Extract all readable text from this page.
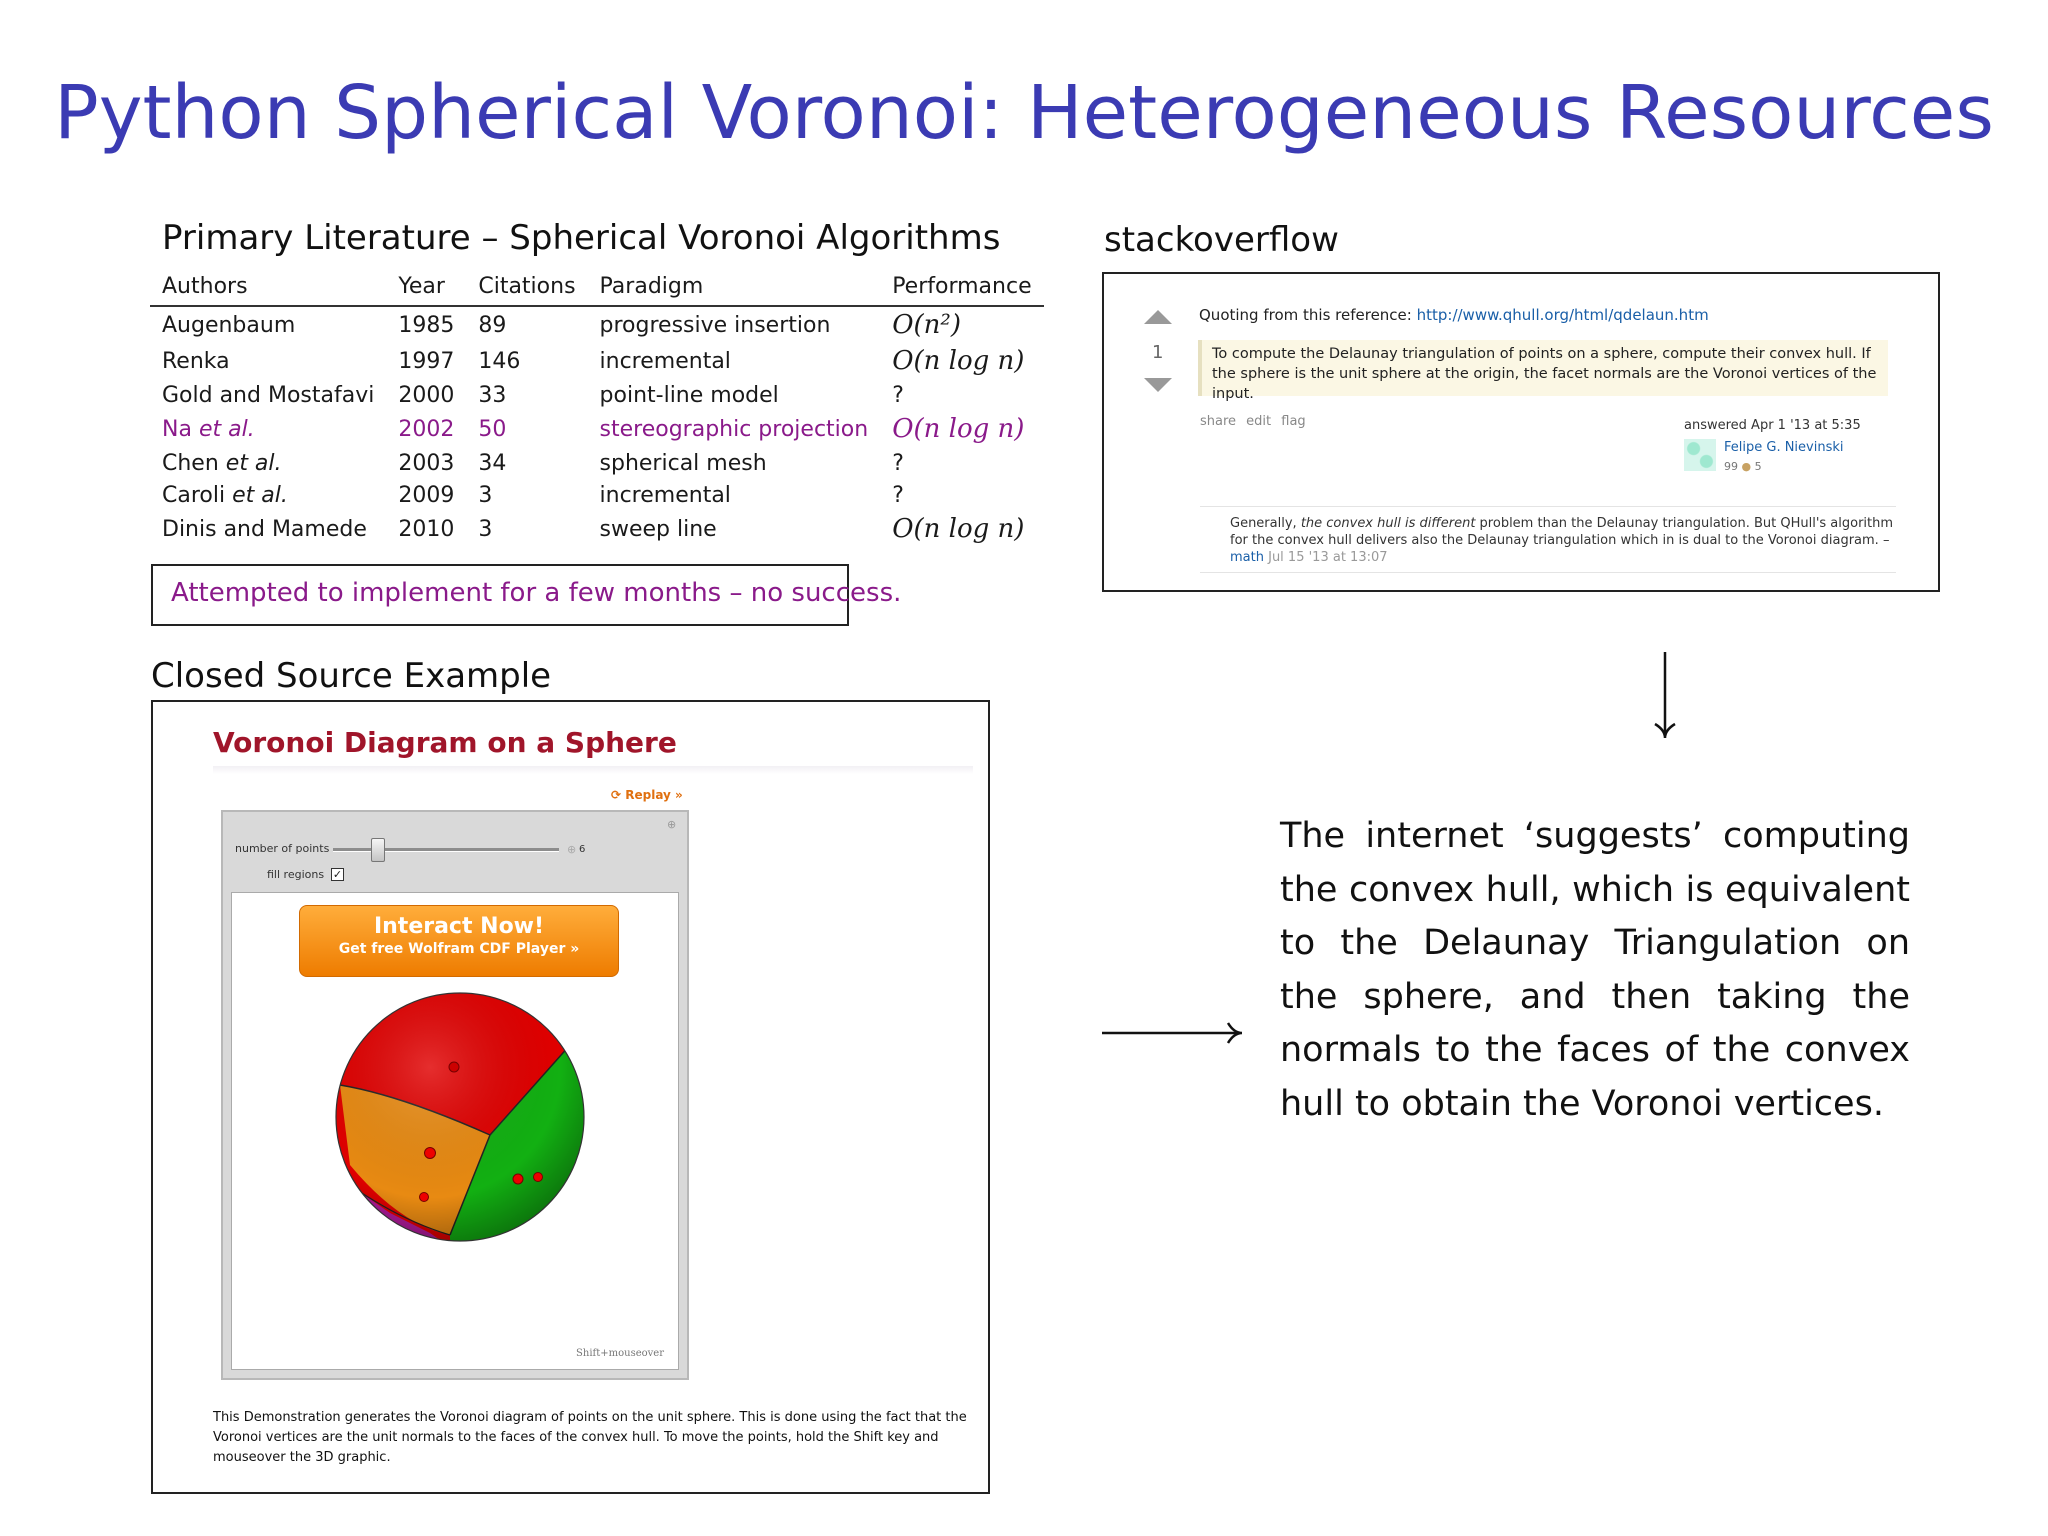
Python Spherical Voronoi: Heterogeneous Resources
Primary Literature – Spherical Voronoi Algorithms
Authors	Year	Citations	Paradigm	Performance
Augenbaum	1985	89	progressive insertion	O(n²)
Renka	1997	146	incremental	O(n log n)
Gold and Mostafavi	2000	33	point-line model	?
Na et al.	2002	50	stereographic projection	O(n log n)
Chen et al.	2003	34	spherical mesh	?
Caroli et al.	2009	3	incremental	?
Dinis and Mamede	2010	3	sweep line	O(n log n)
Attempted to implement for a few months – no success.
stackoverflow
1
Quoting from this reference: http://www.qhull.org/html/qdelaun.htm
To compute the Delaunay triangulation of points on a sphere, compute their convex hull. If the sphere is the unit sphere at the origin, the facet normals are the Voronoi vertices of the input.
share edit flag	answered Apr 1 '13 at 5:35
Felipe G. Nievinski
99 ● 5
Generally, the convex hull is different problem than the Delaunay triangulation. But QHull's algorithm for the convex hull delivers also the Delaunay triangulation which in is dual to the Voronoi diagram. – math Jul 15 '13 at 13:07
The internet ‘suggests’ computing the convex hull, which is equivalent to the Delaunay Triangulation on the sphere, and then taking the normals to the faces of the convex hull to obtain the Voronoi vertices.
Closed Source Example
Voronoi Diagram on a Sphere
⟳ Replay »
number of points	⊕ 6
fill regions ✓
⊕
Interact Now!
Get free Wolfram CDF Player »
Shift+mouseover
This Demonstration generates the Voronoi diagram of points on the unit sphere. This is done using the fact that the Voronoi vertices are the unit normals to the faces of the convex hull. To move the points, hold the Shift key and mouseover the 3D graphic.
